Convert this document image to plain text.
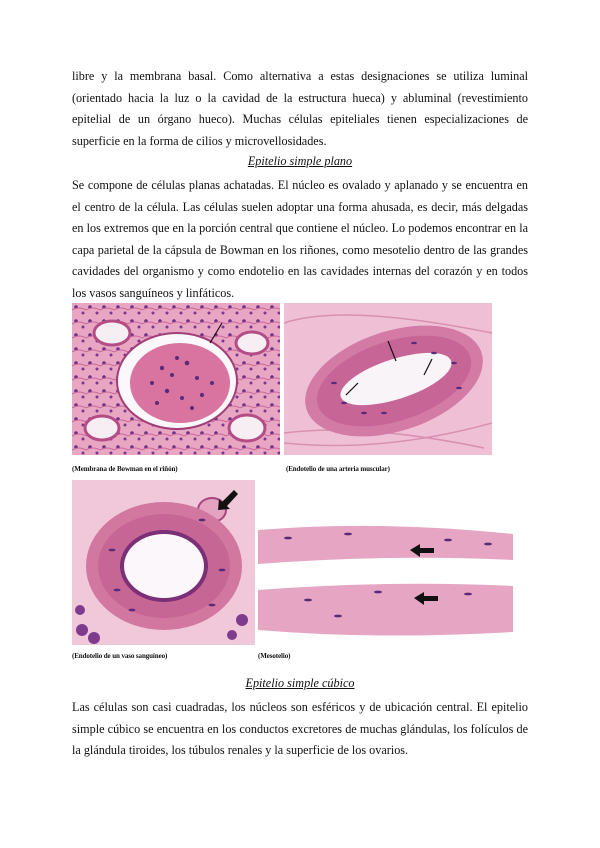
libre y la membrana basal. Como alternativa a estas designaciones se utiliza luminal (orientado hacia la luz o la cavidad de la estructura hueca) y abluminal (revestimiento epitelial de un órgano hueco). Muchas células epiteliales tienen especializaciones de superficie en la forma de cilios y microvellosidades.

Epitelio simple plano

Se compone de células planas achatadas. El núcleo es ovalado y aplanado y se encuentra en el centro de la célula. Las células suelen adoptar una forma ahusada, es decir, más delgadas en los extremos que en la porción central que contiene el núcleo. Lo podemos encontrar en la capa parietal de la cápsula de Bowman en los riñones, como mesotelio dentro de las grandes cavidades del organismo y como endotelio en las cavidades internas del corazón y en todos los vasos sanguíneos y linfáticos.

(Membrana de Bowman en el riñón)	(Endotelio de una arteria muscular)
(Endotelio de un vaso sanguíneo)	(Mesotelio)

Epitelio simple cúbico

Las células son casi cuadradas, los núcleos son esféricos y de ubicación central. El epitelio simple cúbico se encuentra en los conductos excretores de muchas glándulas, los folículos de la glándula tiroides, los túbulos renales y la superficie de los ovarios.
